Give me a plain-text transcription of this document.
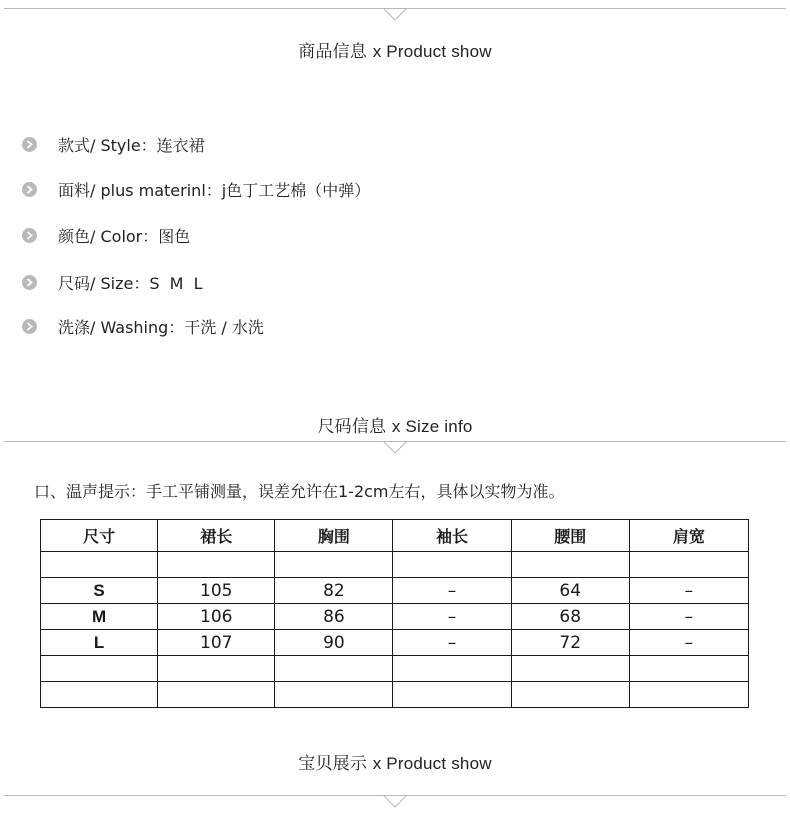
商品信息 x Product show
款式/ Style：连衣裙
面料/ plus materinl：j色丁工艺棉（中弹）
颜色/ Color：图色
尺码/ Size：S  M  L
洗涤/ Washing：干洗 / 水洗
尺码信息 x Size info
口、温声提示：手工平铺测量，误差允许在1-2cm左右，具体以实物为准。
尺寸	裙长	胸围	袖长	腰围	肩宽

S	105	82	–	64	–
M	106	86	–	68	–
L	107	90	–	72	–

宝贝展示 x Product show
